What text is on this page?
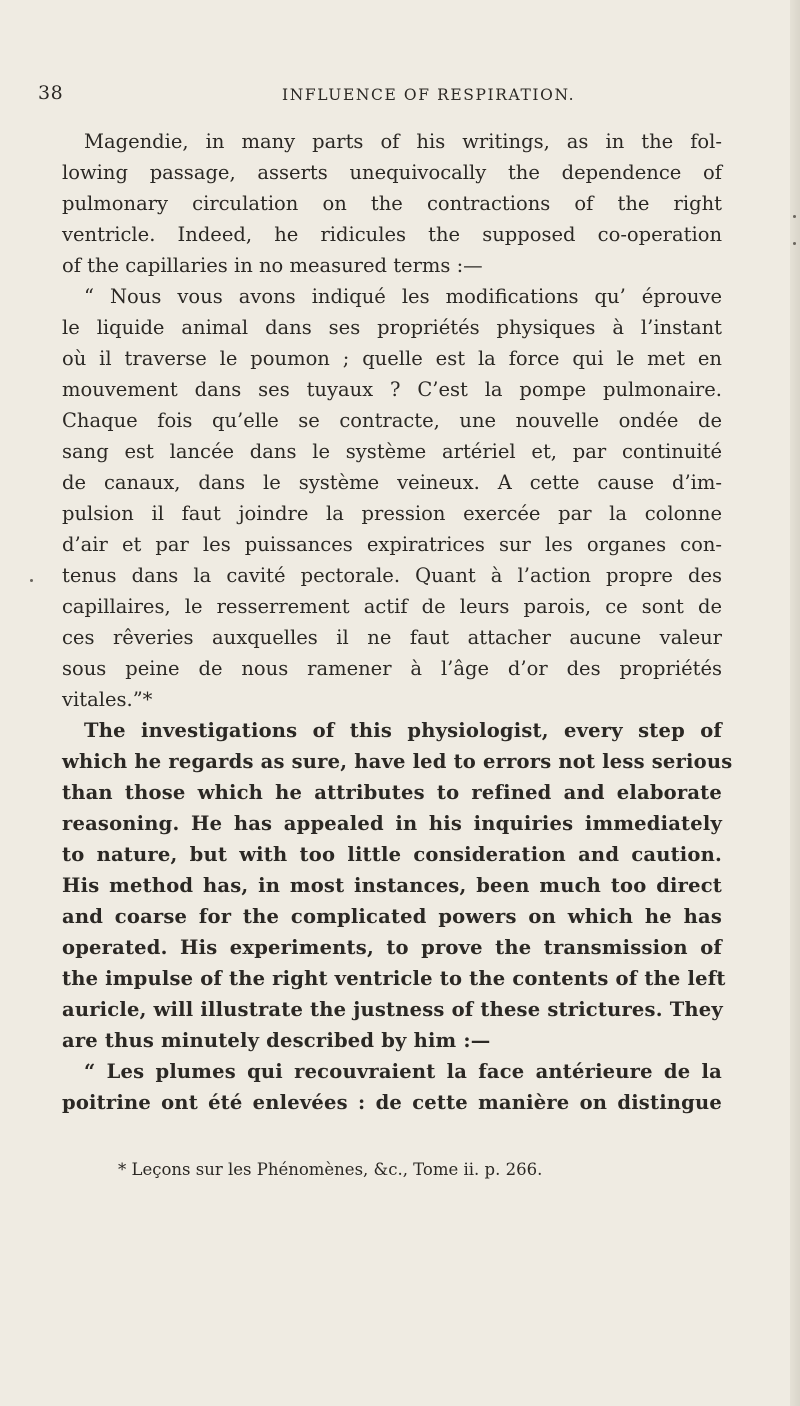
38	INFLUENCE OF RESPIRATION.
Magendie, in many parts of his writings, as in the fol-
lowing passage, asserts unequivocally the dependence of
pulmonary circulation on the contractions of the right
ventricle. Indeed, he ridicules the supposed co-operation
of the capillaries in no measured terms :—
“ Nous vous avons indiqué les modifications qu’ éprouve
le liquide animal dans ses propriétés physiques à l’instant
où il traverse le poumon ; quelle est la force qui le met en
mouvement dans ses tuyaux ? C’est la pompe pulmonaire.
Chaque fois qu’elle se contracte, une nouvelle ondée de
sang est lancée dans le système artériel et, par continuité
de canaux, dans le système veineux. A cette cause d’im-
pulsion il faut joindre la pression exercée par la colonne
d’air et par les puissances expiratrices sur les organes con-
tenus dans la cavité pectorale. Quant à l’action propre des
capillaires, le resserrement actif de leurs parois, ce sont de
ces rêveries auxquelles il ne faut attacher aucune valeur
sous peine de nous ramener à l’âge d’or des propriétés
vitales.”*
The investigations of this physiologist, every step of
which he regards as sure, have led to errors not less serious
than those which he attributes to refined and elaborate
reasoning. He has appealed in his inquiries immediately
to nature, but with too little consideration and caution.
His method has, in most instances, been much too direct
and coarse for the complicated powers on which he has
operated. His experiments, to prove the transmission of
the impulse of the right ventricle to the contents of the left
auricle, will illustrate the justness of these strictures. They
are thus minutely described by him :—
“ Les plumes qui recouvraient la face antérieure de la
poitrine ont été enlevées : de cette manière on distingue
* Leçons sur les Phénomènes, &c., Tome ii. p. 266.
